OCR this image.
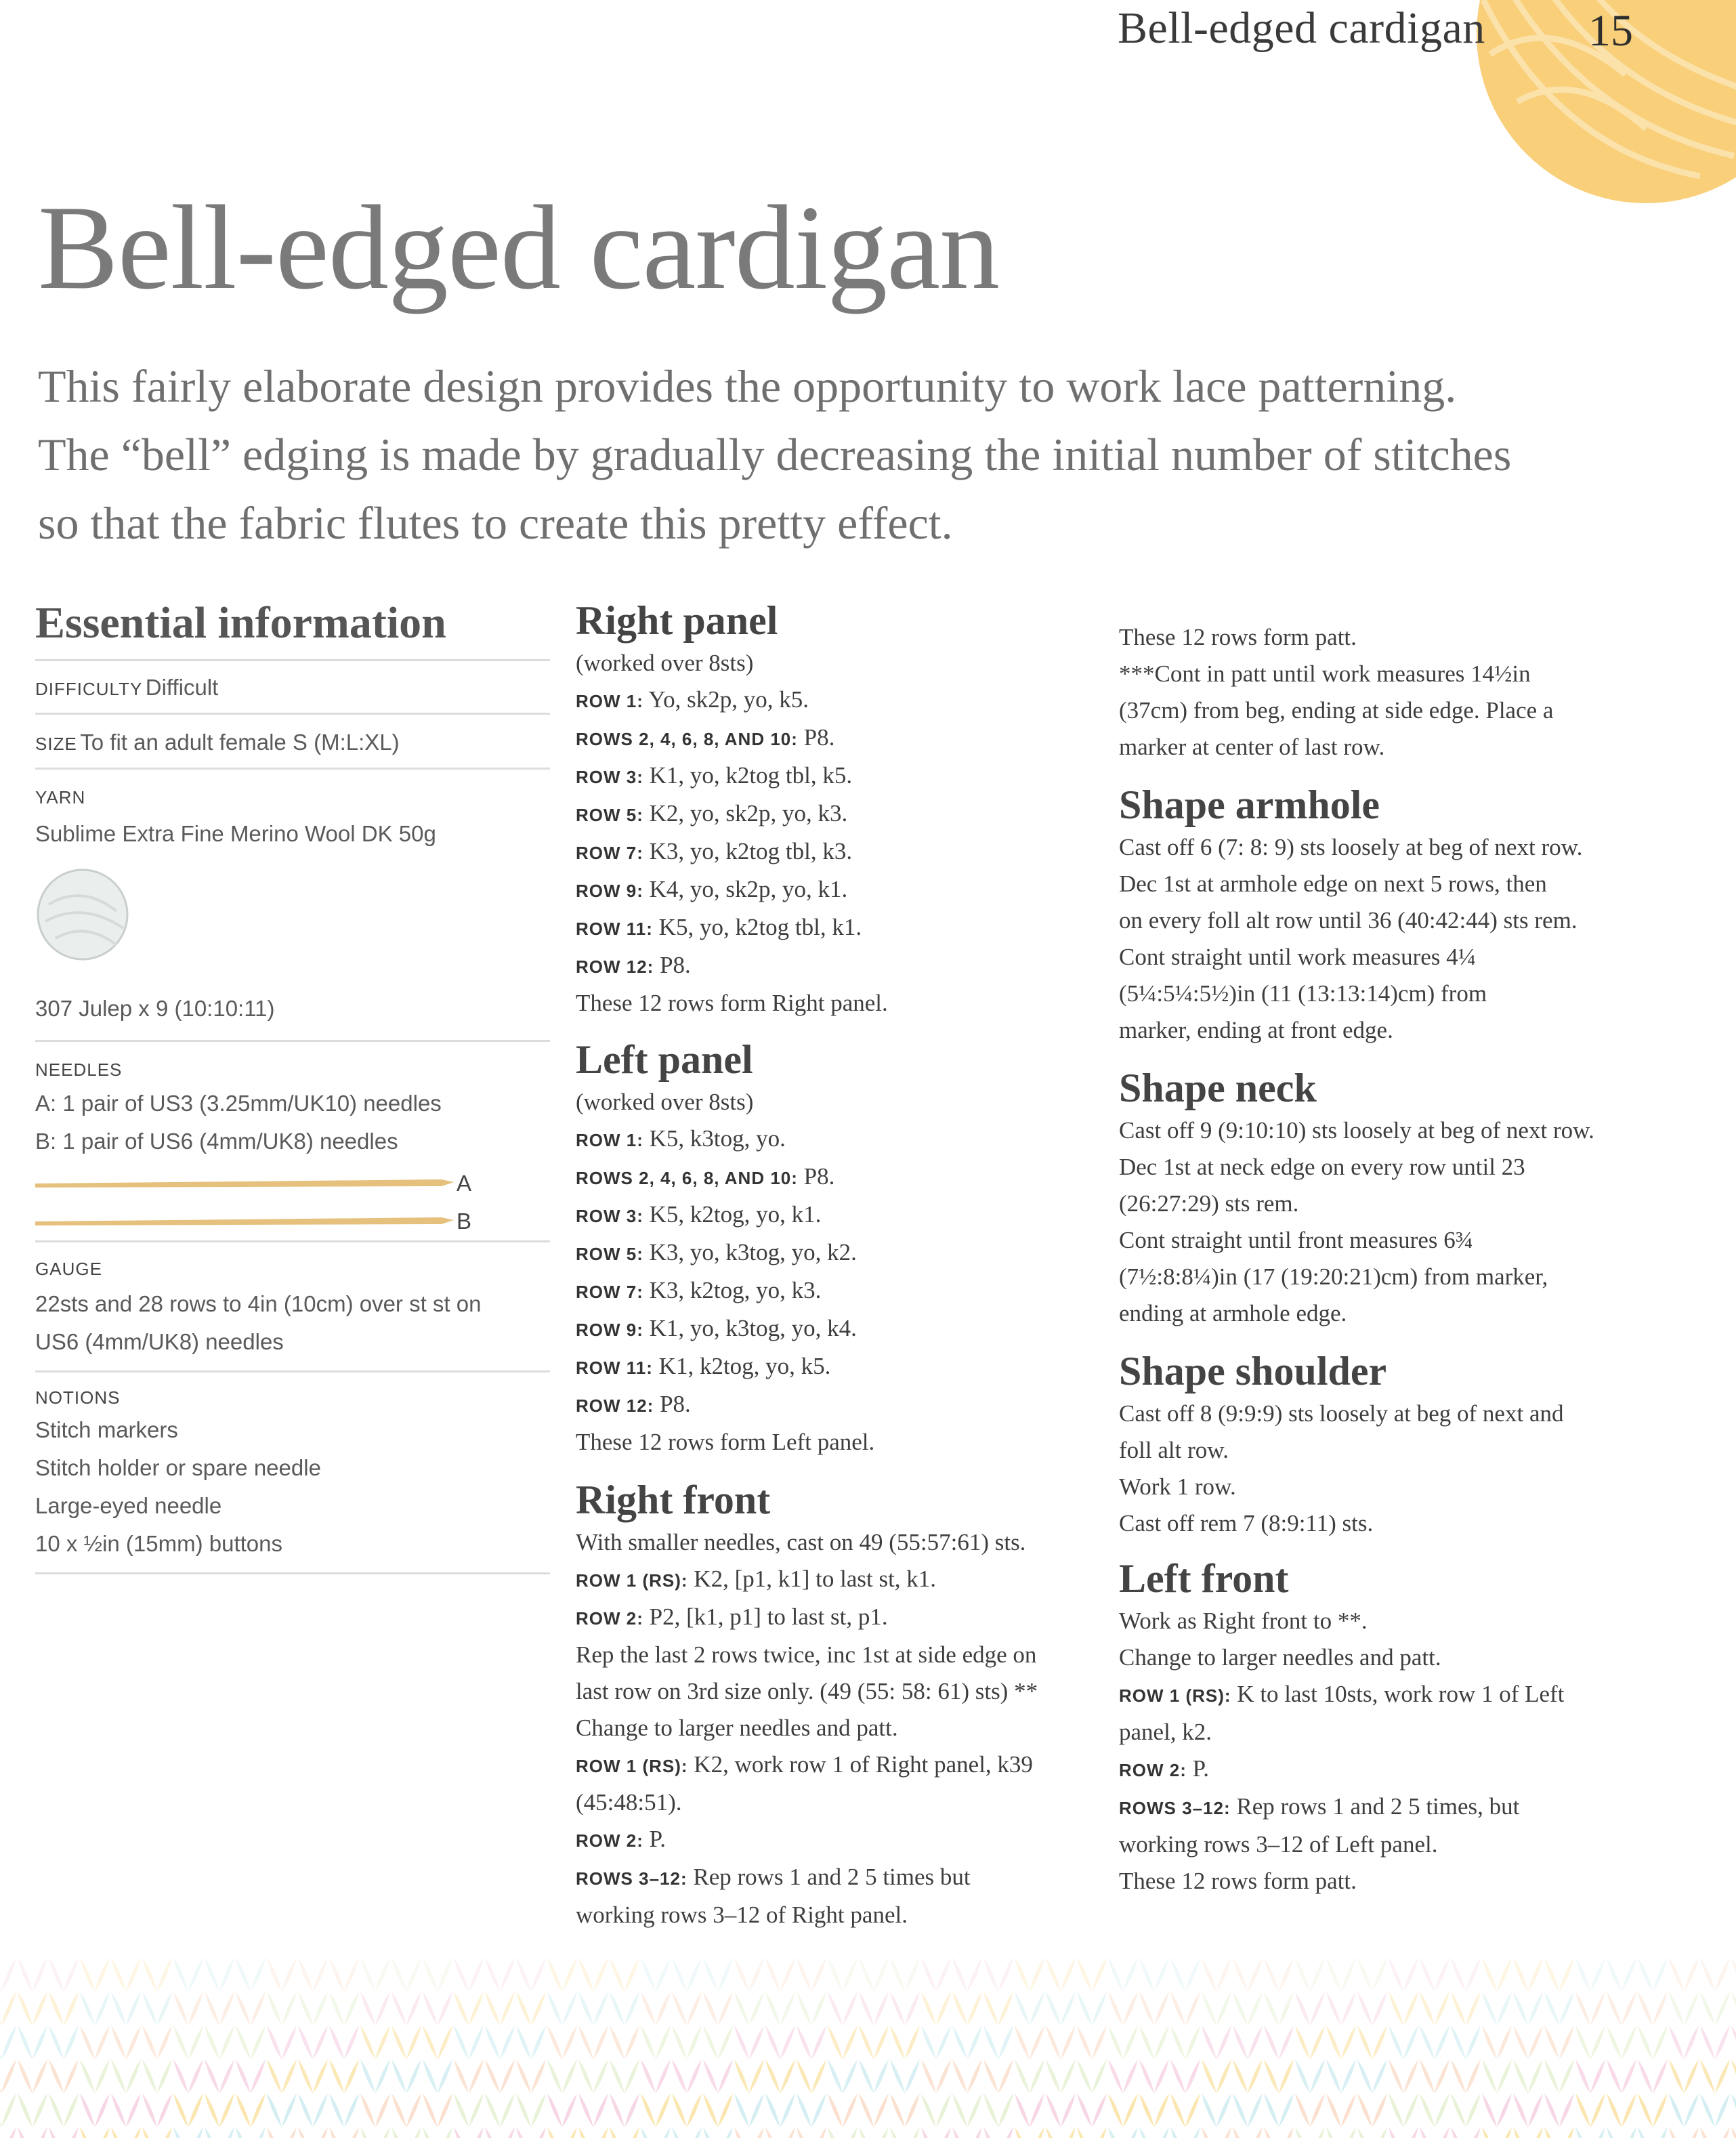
Bell-edged cardigan 15
Bell-edged cardigan
This fairly elaborate design provides the opportunity to work lace patterning.
The “bell” edging is made by gradually decreasing the initial number of stitches
so that the fabric flutes to create this pretty effect.
Essential information
DIFFICULTY Difficult
SIZE To fit an adult female S (M:L:XL)
YARN
Sublime Extra Fine Merino Wool DK 50g
307 Julep x 9 (10:10:11)
NEEDLES
A: 1 pair of US3 (3.25mm/UK10) needles
B: 1 pair of US6 (4mm/UK8) needles
A
B
GAUGE
22sts and 28 rows to 4in (10cm) over st st on
US6 (4mm/UK8) needles
NOTIONS
Stitch markers
Stitch holder or spare needle
Large-eyed needle
10 x ½in (15mm) buttons
Right panel
(worked over 8sts)
ROW 1: Yo, sk2p, yo, k5.
ROWS 2, 4, 6, 8, AND 10: P8.
ROW 3: K1, yo, k2tog tbl, k5.
ROW 5: K2, yo, sk2p, yo, k3.
ROW 7: K3, yo, k2tog tbl, k3.
ROW 9: K4, yo, sk2p, yo, k1.
ROW 11: K5, yo, k2tog tbl, k1.
ROW 12: P8.
These 12 rows form Right panel.
Left panel
(worked over 8sts)
ROW 1: K5, k3tog, yo.
ROWS 2, 4, 6, 8, AND 10: P8.
ROW 3: K5, k2tog, yo, k1.
ROW 5: K3, yo, k3tog, yo, k2.
ROW 7: K3, k2tog, yo, k3.
ROW 9: K1, yo, k3tog, yo, k4.
ROW 11: K1, k2tog, yo, k5.
ROW 12: P8.
These 12 rows form Left panel.
Right front
With smaller needles, cast on 49 (55:57:61) sts.
ROW 1 (RS): K2, [p1, k1] to last st, k1.
ROW 2: P2, [k1, p1] to last st, p1.
Rep the last 2 rows twice, inc 1st at side edge on
last row on 3rd size only. (49 (55: 58: 61) sts) **
Change to larger needles and patt.
ROW 1 (RS): K2, work row 1 of Right panel, k39
(45:48:51).
ROW 2: P.
ROWS 3–12: Rep rows 1 and 2 5 times but
working rows 3–12 of Right panel.
These 12 rows form patt.
***Cont in patt until work measures 14½in
(37cm) from beg, ending at side edge. Place a
marker at center of last row.
Shape armhole
Cast off 6 (7: 8: 9) sts loosely at beg of next row.
Dec 1st at armhole edge on next 5 rows, then
on every foll alt row until 36 (40:42:44) sts rem.
Cont straight until work measures 4¼
(5¼:5¼:5½)in (11 (13:13:14)cm) from
marker, ending at front edge.
Shape neck
Cast off 9 (9:10:10) sts loosely at beg of next row.
Dec 1st at neck edge on every row until 23
(26:27:29) sts rem.
Cont straight until front measures 6¾
(7½:8:8¼)in (17 (19:20:21)cm) from marker,
ending at armhole edge.
Shape shoulder
Cast off 8 (9:9:9) sts loosely at beg of next and
foll alt row.
Work 1 row.
Cast off rem 7 (8:9:11) sts.
Left front
Work as Right front to **.
Change to larger needles and patt.
ROW 1 (RS): K to last 10sts, work row 1 of Left
panel, k2.
ROW 2: P.
ROWS 3–12: Rep rows 1 and 2 5 times, but
working rows 3–12 of Left panel.
These 12 rows form patt.
